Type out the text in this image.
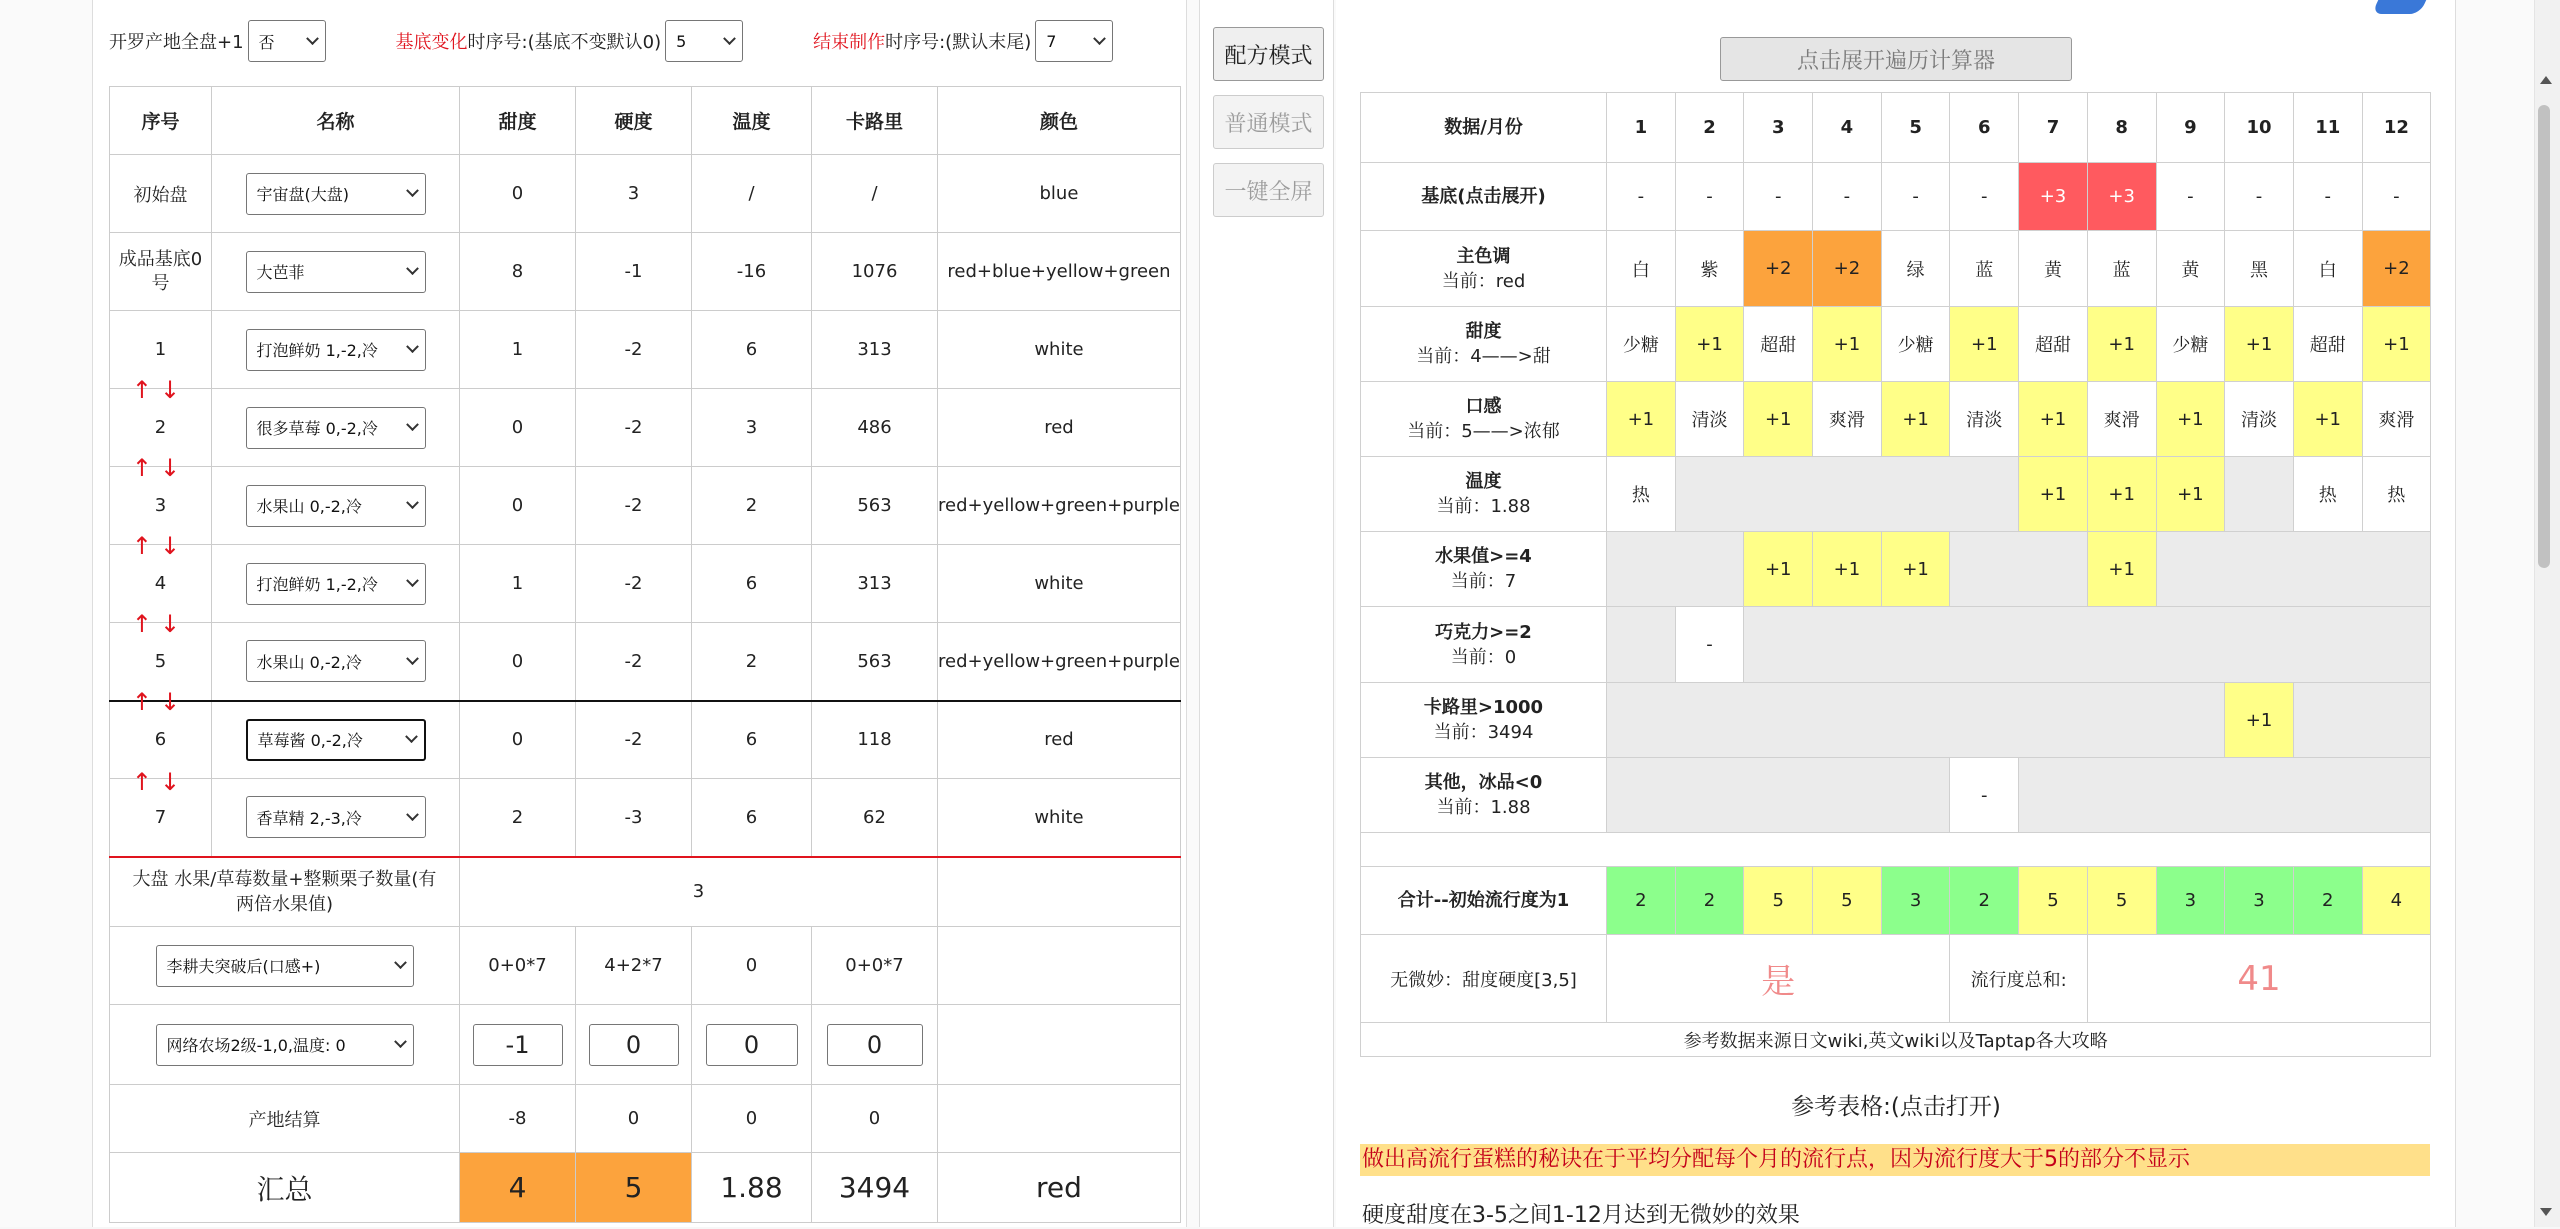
开罗产地全盘+1 否	基底变化 时序号:(基底不变默认0) 5	结束制作 时序号:(默认末尾) 7
序号	名称	甜度	硬度	温度	卡路里	颜色
初始盘	宇宙盘(大盘)	0	3	/	/	blue
成品基底0号	大芭菲	8	-1	-16	1076	red+blue+yellow+green
1	打泡鲜奶 1,-2,冷	1	-2	6	313	white
2	很多草莓 0,-2,冷	0	-2	3	486	red
3	水果山 0,-2,冷	0	-2	2	563	red+yellow+green+purple
4	打泡鲜奶 1,-2,冷	1	-2	6	313	white
5	水果山 0,-2,冷	0	-2	2	563	red+yellow+green+purple
6	草莓酱 0,-2,冷	0	-2	6	118	red
7	香草精 2,-3,冷	2	-3	6	62	white
大盘 水果/草莓数量+整颗栗子数量(有两倍水果值)		3				

李耕夫突破后(口感+)		0+0*7	4+2*7	0	0+0*7	

网络农场2级-1,0,温度: 0		-1	0	0	0	
产地结算		-8	0	0	0	
汇总		4	5	1.88	3494	red
↑↓
↑↓
↑↓
↑↓
↑↓
↑↓
配方模式
普通模式
一键全屏
点击展开遍历计算器
数据/月份	1	2	3	4	5	6	7	8	9	10	11	12
基底(点击展开)	-	-	-	-	-	-	+3	+3	-	-	-	-
主色调
当前：red	白	紫	+2	+2	绿	蓝	黄	蓝	黄	黑	白	+2
甜度
当前：4——>甜	少糖	+1	超甜	+1	少糖	+1	超甜	+1	少糖	+1	超甜	+1
口感
当前：5——>浓郁	+1	清淡	+1	爽滑	+1	清淡	+1	爽滑	+1	清淡	+1	爽滑
温度
当前：1.88	热						+1	+1	+1		热	热
水果值>=4
当前：7			+1	+1	+1			+1				
巧克力>=2
当前：0		-										
卡路里>1000
当前：3494										+1		
其他，冰品<0
当前：1.88						-						

合计--初始流行度为1	2	2	5	5	3	2	5	5	3	3	2	4
无微妙：甜度硬度[3,5]	是					流行度总和:		41				
参考数据来源日文wiki,英文wiki以及Taptap各大攻略												
参考表格:(点击打开)
做出高流行蛋糕的秘诀在于平均分配每个月的流行点，因为流行度大于5的部分不显示
硬度甜度在3-5之间1-12月达到无微妙的效果
